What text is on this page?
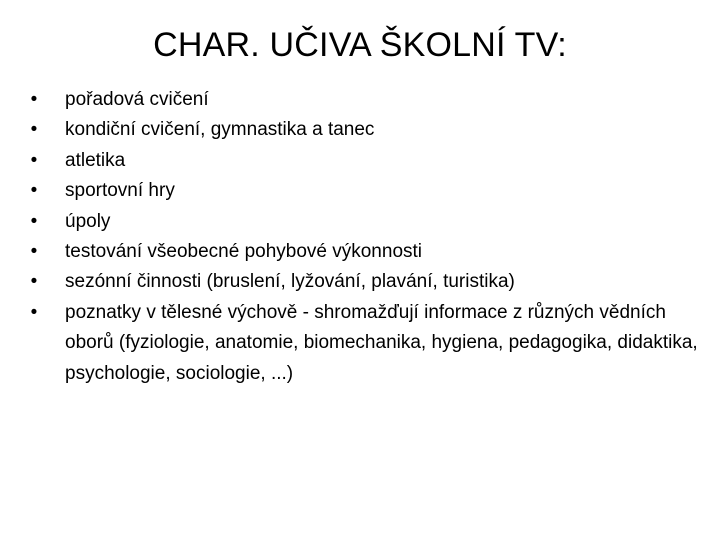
CHAR. UČIVA ŠKOLNÍ TV:
• pořadová cvičení
• kondiční cvičení, gymnastika a tanec
• atletika
• sportovní hry
• úpoly
• testování všeobecné pohybové výkonnosti
• sezónní činnosti (bruslení, lyžování, plavání, turistika)
• poznatky v tělesné výchově - shromažďují informace z různých vědních oborů (fyziologie, anatomie, biomechanika, hygiena, pedagogika, didaktika, psychologie, sociologie, ...)
